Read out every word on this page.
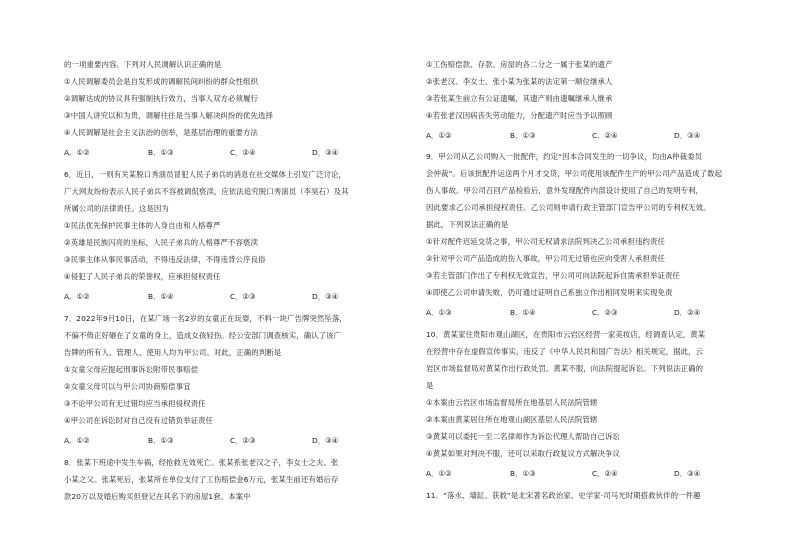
的一项重要内容。下列对人民调解认识正确的是
①人民调解委员会是自发形成的调解民间纠纷的群众性组织
②调解达成的协议具有强制执行效力，当事人双方必须履行
③中国人讲究以和为贵，调解往往是当事人解决纠纷的优先选择
④人民调解是社会主义法治的创举，是基层治理的重要方法
A．①②	B．①③	C．②④	D．③④
6．近日，一则有关某脱口秀演员冒犯人民子弟兵的消息在社交媒体上引发广泛讨论，
广大网友纷纷表示人民子弟兵不容被调侃亵渎，应依法追究脱口秀演员（李昊石）及其
所属公司的法律责任。这是因为
①民法优先保护民事主体的人身自由和人格尊严
②英雄是民族闪亮的坐标，人民子弟兵的人格尊严不容亵渎
③民事主体从事民事活动，不得违反法律，不得违背公序良俗
④侵犯了人民子弟兵的荣誉权，应承担侵权责任
A．①②	B．①④	C．②③	D．③④
7．2022年9月10日，在某广场一名2岁的女童正在玩耍，不料一块广告牌突然坠落，
不偏不倚正好砸在了女童的身上，造成女孩轻伤。经公安部门调查核实，确认了该广
告牌的所有人、管理人、使用人均为甲公司。对此，正确的判断是
①女童父母应提起刑事诉讼附带民事赔偿
②女童父母可以与甲公司协商赔偿事宜
③不论甲公司有无过错均应当承担侵权责任
④甲公司在诉讼时对自己没有过错负举证责任
A．①②	B．①③	C．②③	D．③④
8．张某下班途中发生车祸，经抢救无效死亡。张某系张老汉之子，李女士之夫、张
小某之父。张某死后，张某所在单位支付了工伤赔偿金6万元，张某生前还有婚后存
款20万以及婚后购买但登记在其名下的房屋1套。本案中
①工伤赔偿款、存款、房屋的各二分之一属于张某的遗产
②张老汉、李女士、张小某为张某的法定第一顺位继承人
③若张某生前立有公证遗嘱，其遗产则由遗嘱继承人继承
④若张老汉因病丧失劳动能力，分配遗产时应当予以照顾
A．①②	B．①③	C．②④	D．③④
9．甲公司从乙公司购入一批配件，约定“因本合同发生的一切争议，均由A仲裁委员
会仲裁”。后该批配件运送两个月才交货，甲公司使用该配件生产的甲公司产品造成了数起
伤人事故。甲公司召回产品检验后，意外发现配件内部设计使用了自己的发明专利，
因此要求乙公司承担侵权责任。乙公司则申请行政主管部门宣告甲公司的专利权无效。
据此，下列说法正确的是
①针对配件迟延交货之事，甲公司无权请求法院判决乙公司承担违约责任
②针对甲公司产品造成的伤人事故，甲公司无过错也应向受害人承担责任
③若主管部门作出了专利权无效宣告，甲公司可向法院起诉自需承担举证责任
④即使乙公司申请失败，仍可通过证明自己系独立作出相同发明来实现免责
A．①③	B．①④	C．②③	D．②④
10．黄某家住贵阳市观山湖区，在贵阳市云岩区经营一家美妆店，经调查认定，黄某
在经营中存在虚假宣传事实，违反了《中华人民共和国广告法》相关规定，据此，云
岩区市场监督局对黄某作出行政处罚。黄某不服，向法院提起诉讼。下列说法正确的
是
①本案由云岩区市场监督局所在地基层人民法院管辖
②本案由黄某居住所在地观山湖区基层人民法院管辖
③黄某可以委托一至二名律师作为诉讼代理人帮助自己诉讼
④黄某如果对判决不服，还可以采取行政复议方式解决争议
A．①②	B．①③	C．②④	D．③④
11．“落水、墙缸、获救”是北宋著名政治家、史学家·司马光时期搭救伙伴的一件趣
